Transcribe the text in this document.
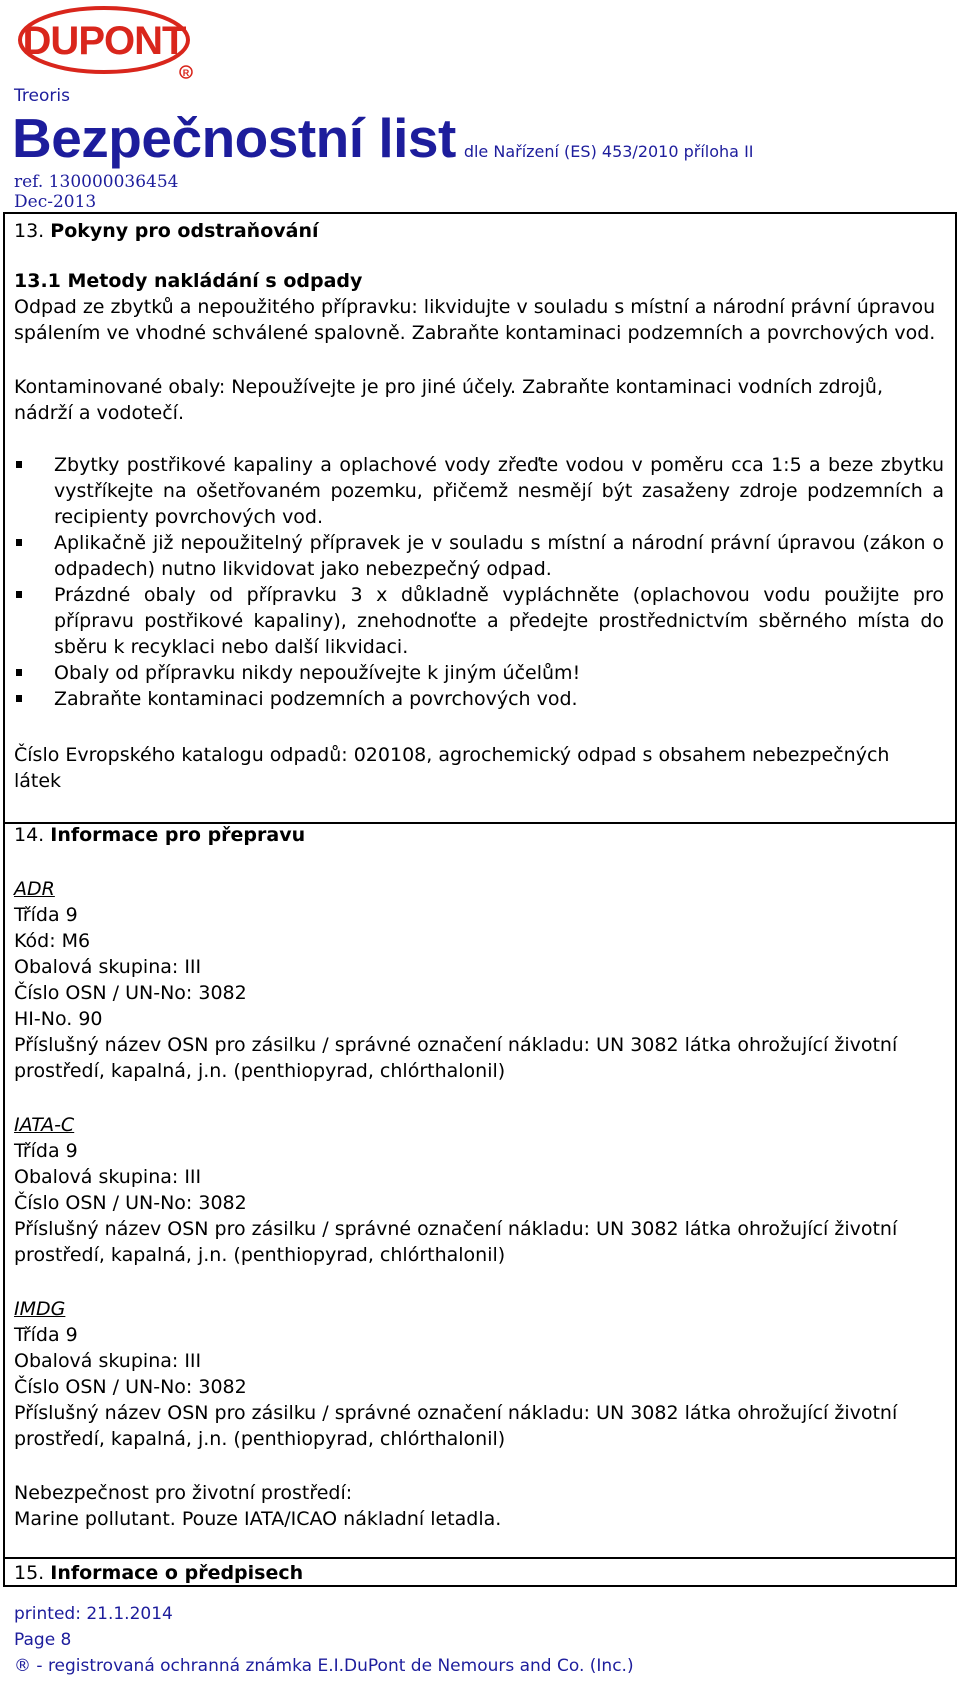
DUPONT
R
Treoris
Bezpečnostní list dle Nařízení (ES) 453/2010 příloha II
ref. 130000036454
Dec-2013
13. Pokyny pro odstraňování
13.1 Metody nakládání s odpady
Odpad ze zbytků a nepoužitého přípravku: likvidujte v souladu s místní a národní právní úpravou
spálením ve vhodné schválené spalovně. Zabraňte kontaminaci podzemních a povrchových vod.
Kontaminované obaly: Nepoužívejte je pro jiné účely. Zabraňte kontaminaci vodních zdrojů,
nádrží a vodotečí.
Zbytky postřikové kapaliny a oplachové vody zřeďte vodou v poměru cca 1:5 a beze zbytku vystříkejte na ošetřovaném pozemku, přičemž nesmějí být zasaženy zdroje podzemních a recipienty povrchových vod.
Aplikačně již nepoužitelný přípravek je v souladu s místní a národní právní úpravou (zákon o odpadech) nutno likvidovat jako nebezpečný odpad.
Prázdné obaly od přípravku 3 x důkladně vypláchněte (oplachovou vodu použijte pro přípravu postřikové kapaliny), znehodnoťte a předejte prostřednictvím sběrného místa do sběru k recyklaci nebo další likvidaci.
Obaly od přípravku nikdy nepoužívejte k jiným účelům!
Zabraňte kontaminaci podzemních a povrchových vod.
Číslo Evropského katalogu odpadů: 020108, agrochemický odpad s obsahem nebezpečných
látek
14. Informace pro přepravu
ADR
Třída 9
Kód: M6
Obalová skupina: III
Číslo OSN / UN-No: 3082
HI-No. 90
Příslušný název OSN pro zásilku / správné označení nákladu: UN 3082 látka ohrožující životní
prostředí, kapalná, j.n. (penthiopyrad, chlórthalonil)
IATA-C
Třída 9
Obalová skupina: III
Číslo OSN / UN-No: 3082
Příslušný název OSN pro zásilku / správné označení nákladu: UN 3082 látka ohrožující životní
prostředí, kapalná, j.n. (penthiopyrad, chlórthalonil)
IMDG
Třída 9
Obalová skupina: III
Číslo OSN / UN-No: 3082
Příslušný název OSN pro zásilku / správné označení nákladu: UN 3082 látka ohrožující životní
prostředí, kapalná, j.n. (penthiopyrad, chlórthalonil)
Nebezpečnost pro životní prostředí:
Marine pollutant. Pouze IATA/ICAO nákladní letadla.
15. Informace o předpisech
printed: 21.1.2014
Page 8
® - registrovaná ochranná známka E.I.DuPont de Nemours and Co. (Inc.)
